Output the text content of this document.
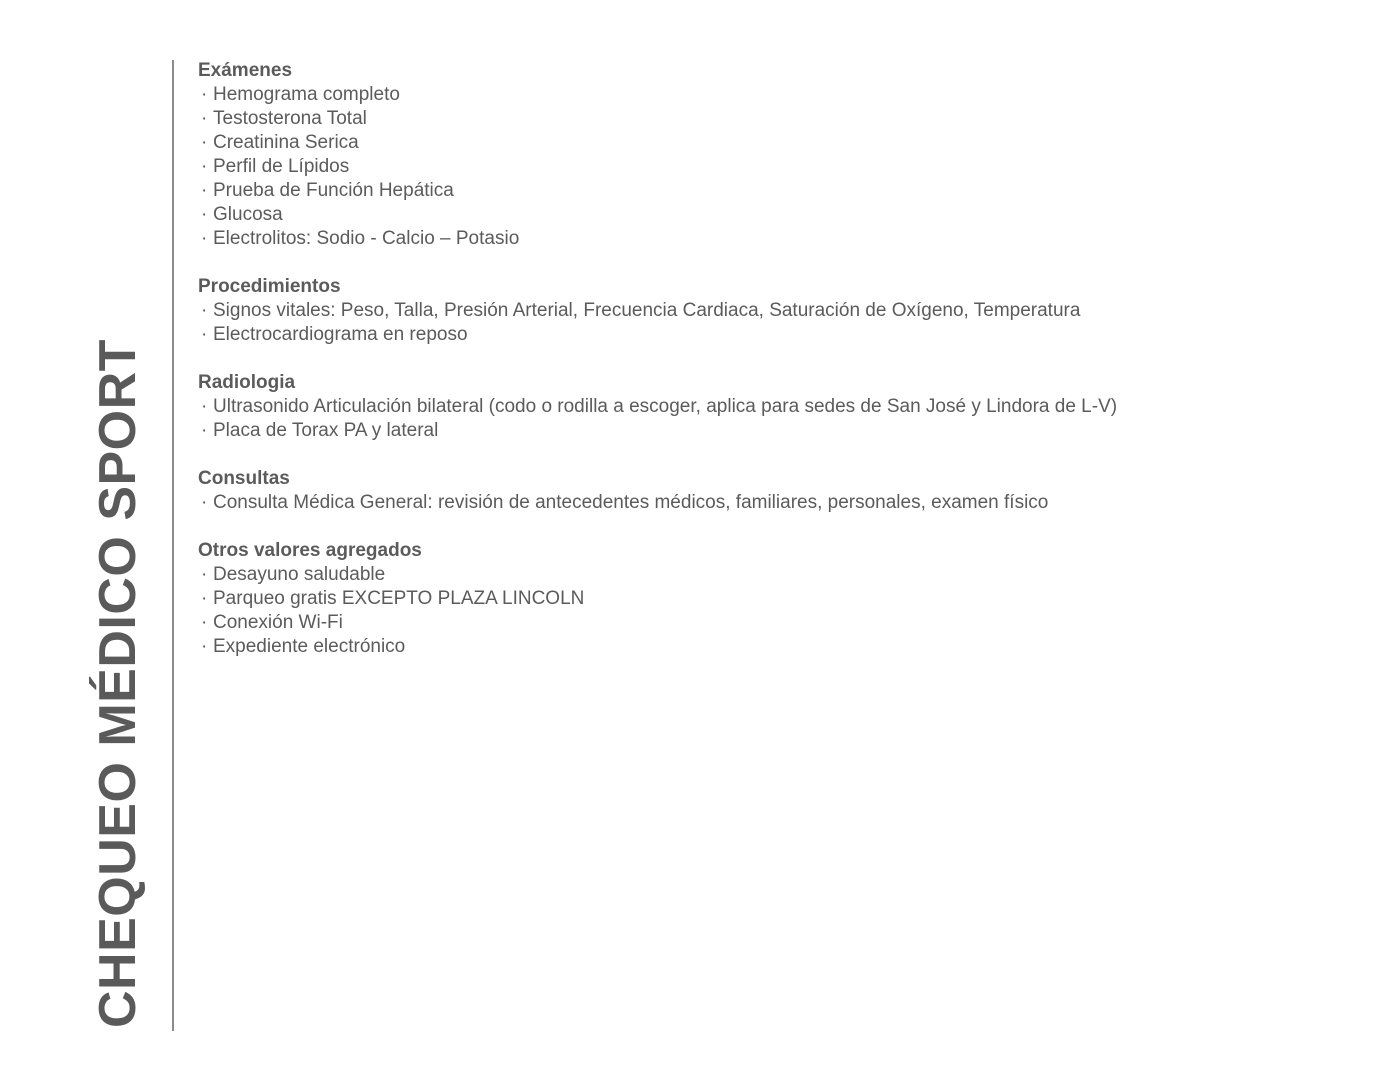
CHEQUEO MÉDICO SPORT

Exámenes

· Hemograma completo

· Testosterona Total

· Creatinina Serica

· Perfil de Lípidos

· Prueba de Función Hepática

· Glucosa

· Electrolitos: Sodio - Calcio – Potasio

Procedimientos

· Signos vitales: Peso, Talla, Presión Arterial, Frecuencia Cardiaca, Saturación de Oxígeno, Temperatura

· Electrocardiograma en reposo

Radiologia

· Ultrasonido Articulación bilateral (codo o rodilla a escoger, aplica para sedes de San José y Lindora de L-V)

· Placa de Torax PA y lateral

Consultas

· Consulta Médica General: revisión de antecedentes médicos, familiares, personales, examen físico

Otros valores agregados

· Desayuno saludable

· Parqueo gratis EXCEPTO PLAZA LINCOLN

· Conexión Wi-Fi

· Expediente electrónico
